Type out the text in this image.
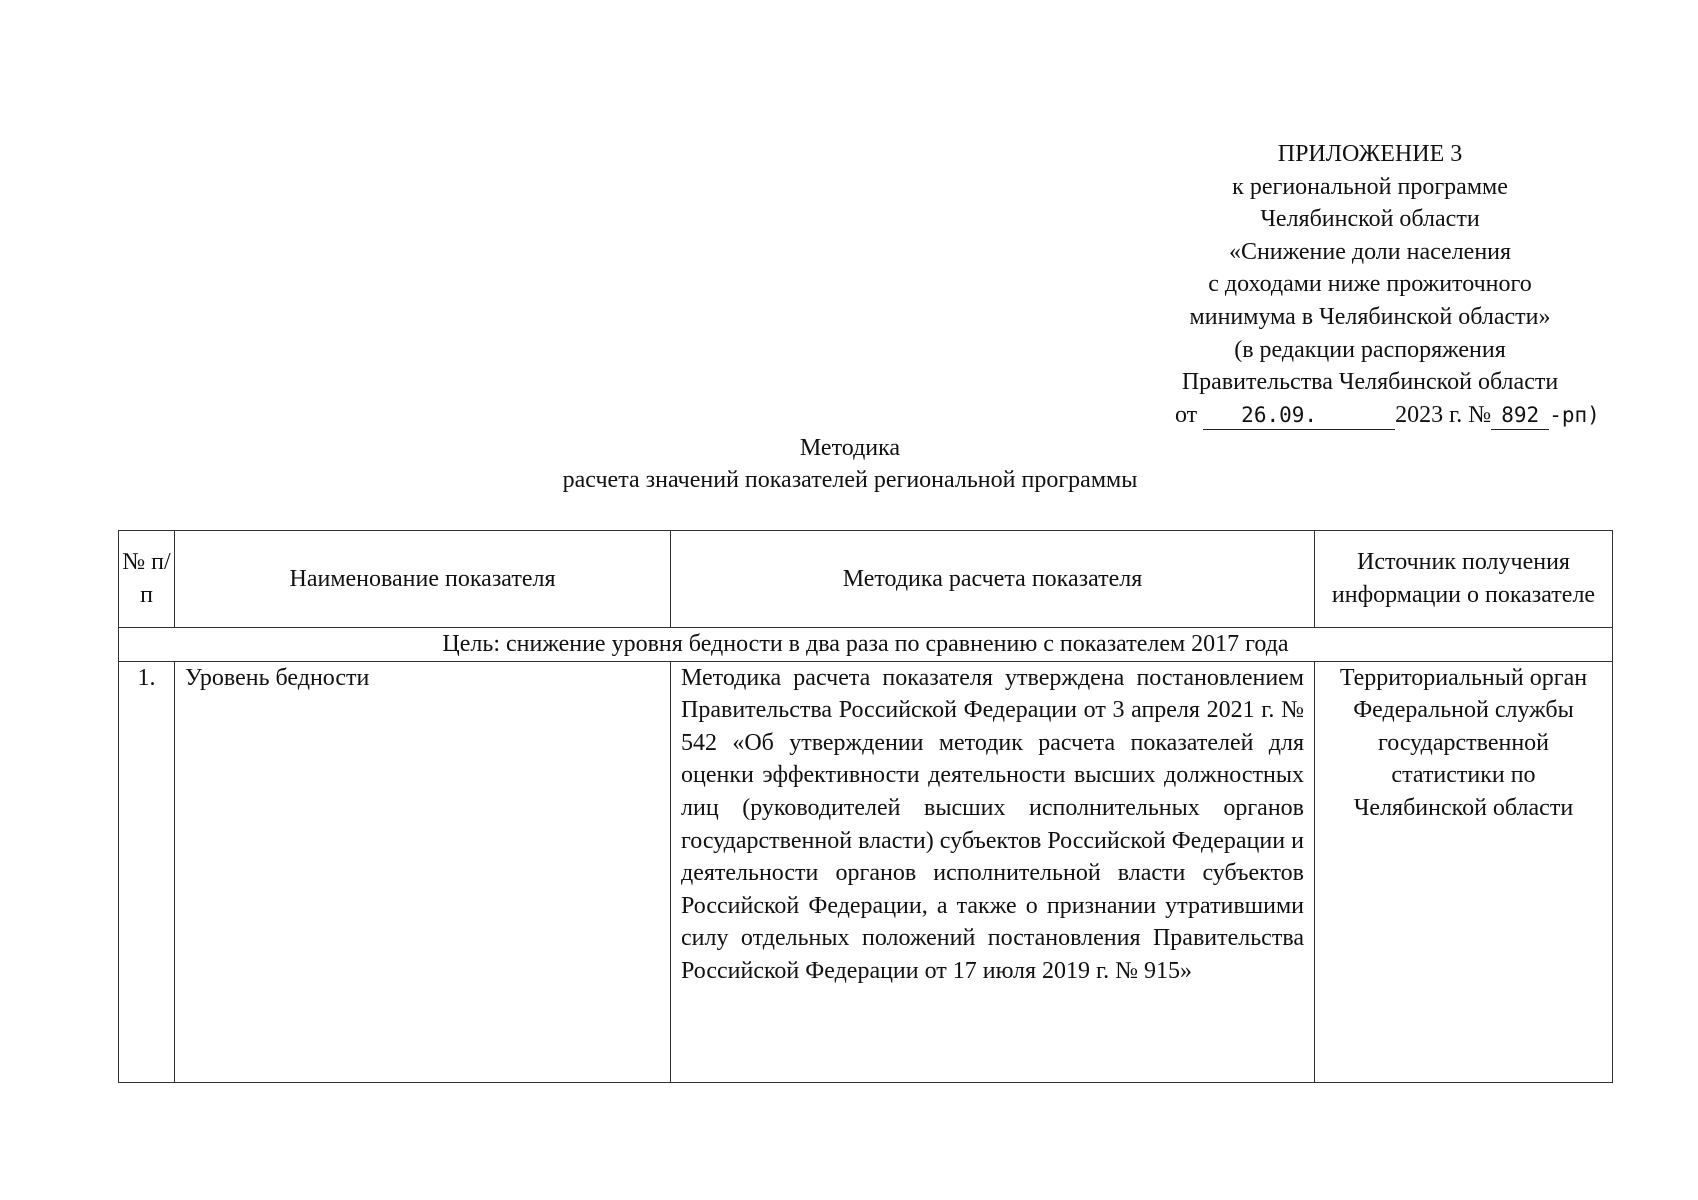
ПРИЛОЖЕНИЕ 3
к региональной программе
Челябинской области
«Снижение доли населения
с доходами ниже прожиточного
минимума в Челябинской области»
(в редакции распоряжения
Правительства Челябинской области
от 26.09.	2023 г. № 892 -рп)
Методика
расчета значений показателей региональной программы
№ п/п	Наименование показателя	Методика расчета показателя	Источник получения информации о показателе
Цель: снижение уровня бедности в два раза по сравнению с показателем 2017 года			
1.	Уровень бедности	Методика расчета показателя утверждена постановлением Правительства Российской Федерации от 3 апреля 2021 г. № 542 «Об утверждении методик расчета показателей для оценки эффективности деятельности высших должностных лиц (руководителей высших исполнительных органов государственной власти) субъектов Российской Федерации и деятельности органов исполнительной власти субъектов Российской Федерации, а также о признании утратившими силу отдельных положений постановления Правительства Российской Федерации от 17 июля 2019 г. № 915»	Территориальный орган Федеральной службы государственной статистики по Челябинской области
